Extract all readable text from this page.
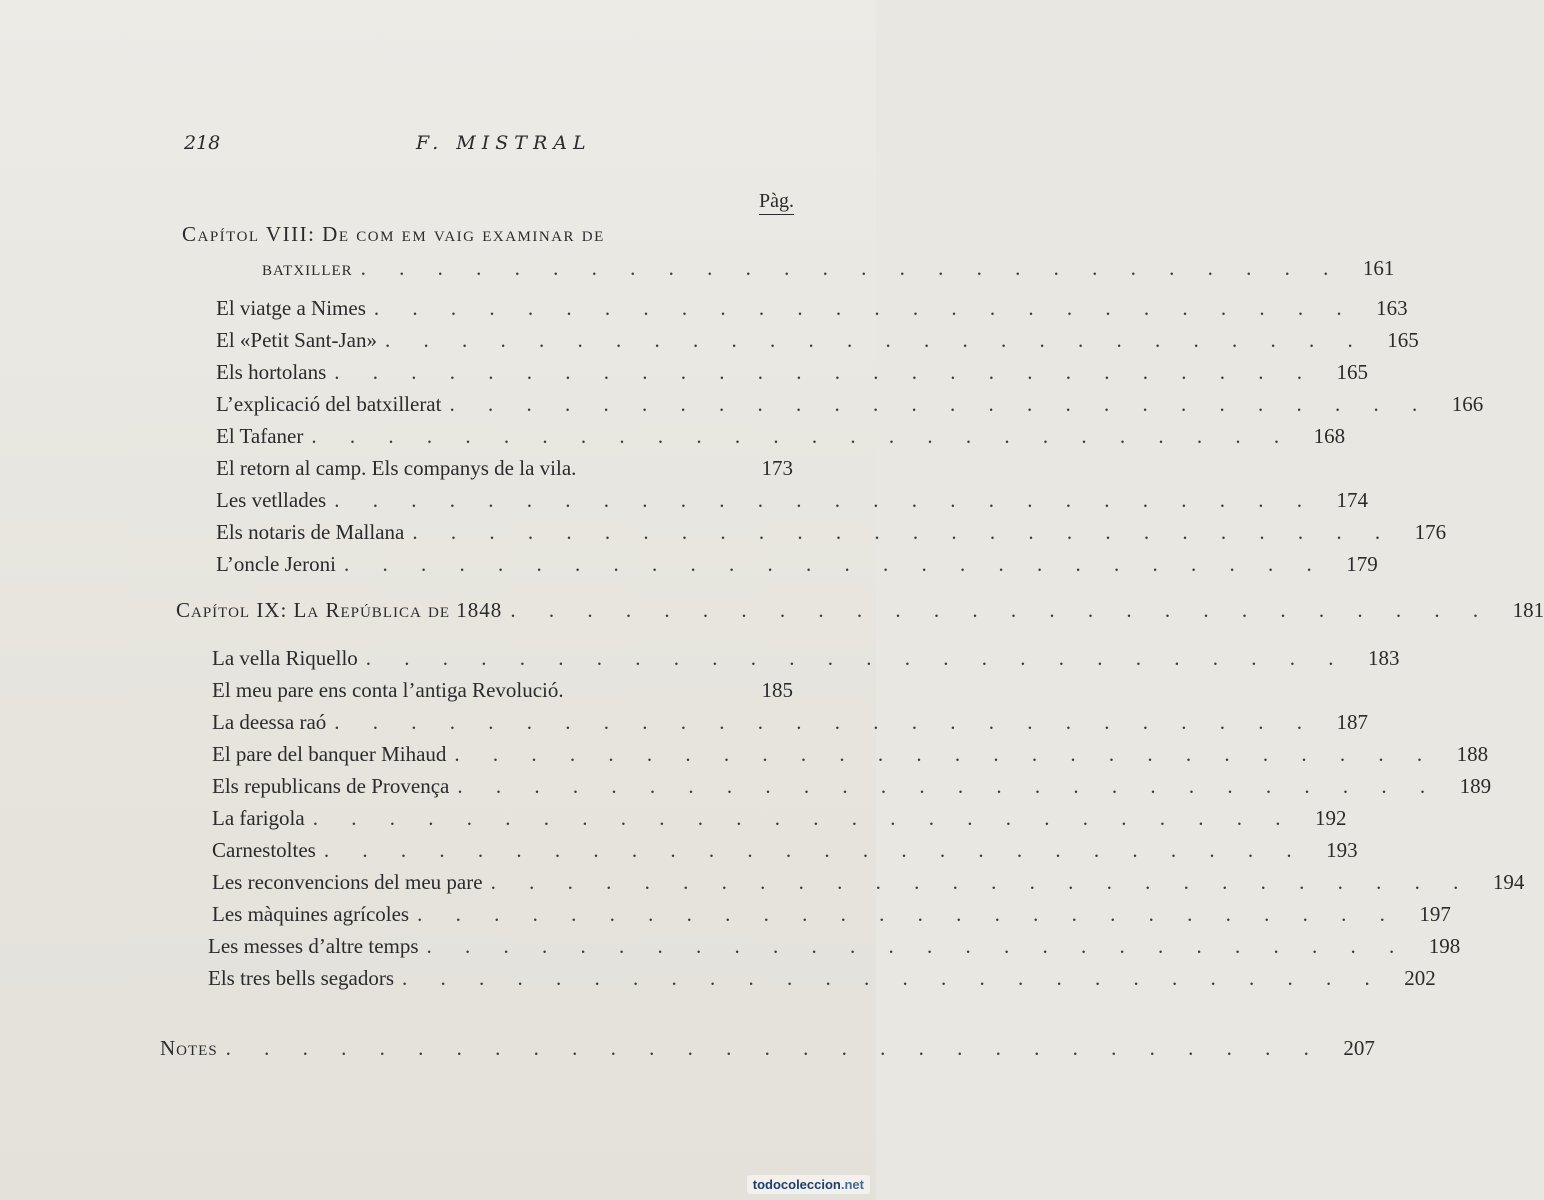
218	F. MISTRAL
Pàg.
Capítol VIII: De com em vaig examinar de
batxiller . . . . . . . . . . . . . . . . . . . . . . . . . . 161
El viatge a Nimes . . . . . . . . . . . . . . . . . . . . . . . . . . 163
El «Petit Sant-Jan» . . . . . . . . . . . . . . . . . . . . . . . . . . 165
Els hortolans . . . . . . . . . . . . . . . . . . . . . . . . . . 165
L’explicació del batxillerat . . . . . . . . . . . . . . . . . . . . . . . . . . 166
El Tafaner . . . . . . . . . . . . . . . . . . . . . . . . . . 168
El retorn al camp. Els companys de la vila.	173
Les vetllades . . . . . . . . . . . . . . . . . . . . . . . . . . 174
Els notaris de Mallana . . . . . . . . . . . . . . . . . . . . . . . . . . 176
L’oncle Jeroni . . . . . . . . . . . . . . . . . . . . . . . . . . 179
Capítol IX: La República de 1848 . . . . . . . . . . . . . . . . . . . . . . . . . . 181
La vella Riquello . . . . . . . . . . . . . . . . . . . . . . . . . . 183
El meu pare ens conta l’antiga Revolució.	185
La deessa raó . . . . . . . . . . . . . . . . . . . . . . . . . . 187
El pare del banquer Mihaud . . . . . . . . . . . . . . . . . . . . . . . . . . 188
Els republicans de Provença . . . . . . . . . . . . . . . . . . . . . . . . . . 189
La farigola . . . . . . . . . . . . . . . . . . . . . . . . . . 192
Carnestoltes . . . . . . . . . . . . . . . . . . . . . . . . . . 193
Les reconvencions del meu pare . . . . . . . . . . . . . . . . . . . . . . . . . . 194
Les màquines agrícoles . . . . . . . . . . . . . . . . . . . . . . . . . . 197
Les messes d’altre temps . . . . . . . . . . . . . . . . . . . . . . . . . . 198
Els tres bells segadors . . . . . . . . . . . . . . . . . . . . . . . . . . 202
Notes . . . . . . . . . . . . . . . . . . . . . . . . . . . . . 207
todocoleccion.net
